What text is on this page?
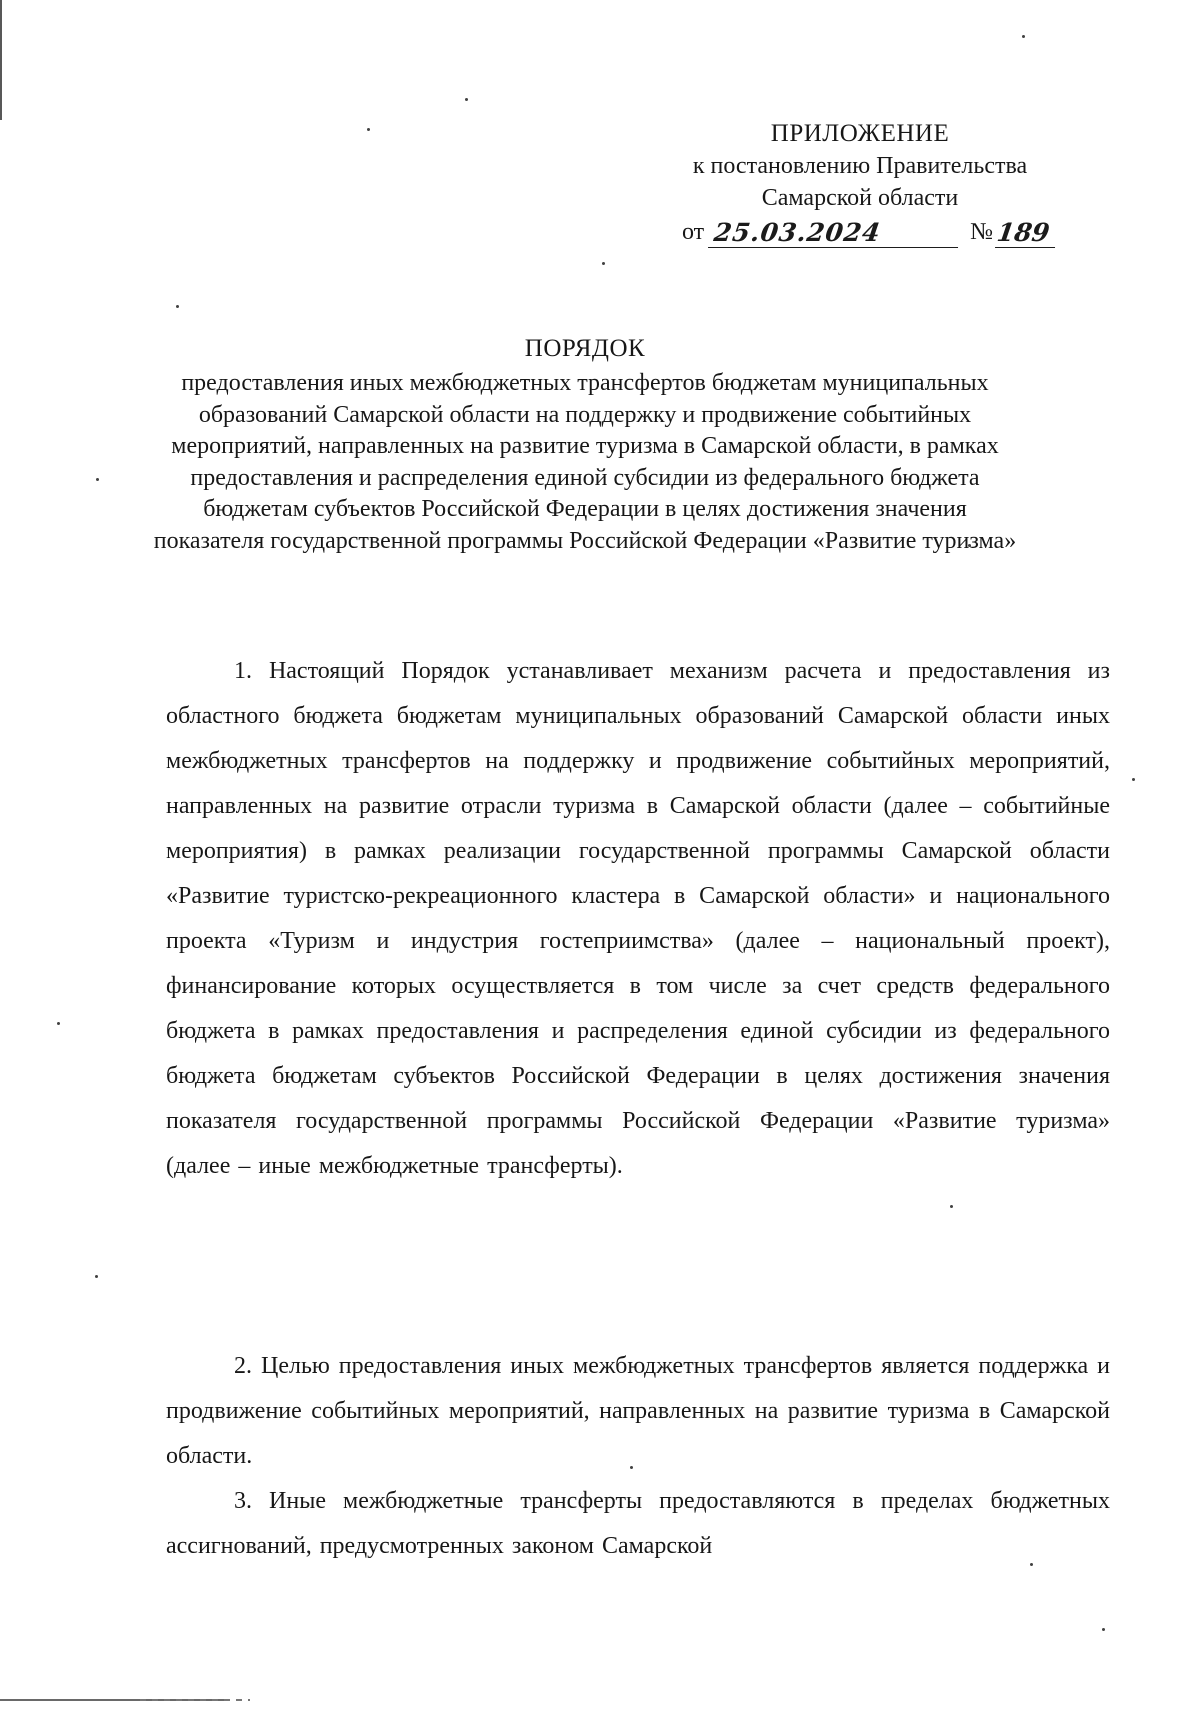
ПРИЛОЖЕНИЕ
к постановлению Правительства
Самарской области
от 25.03.2024	№ 189
ПОРЯДОК
предоставления иных межбюджетных трансфертов бюджетам муниципальных образований Самарской области на поддержку и продвижение событийных мероприятий, направленных на развитие туризма в Самарской области, в рамках предоставления и распределения единой субсидии из федерального бюджета бюджетам субъектов Российской Федерации в целях достижения значения показателя государственной программы Российской Федерации «Развитие туризма»

1. Настоящий Порядок устанавливает механизм расчета и предоставления из областного бюджета бюджетам муниципальных образований Самарской области иных межбюджетных трансфертов на поддержку и продвижение событийных мероприятий, направленных на развитие отрасли туризма в Самарской области (далее – событийные мероприятия) в рамках реализации государственной программы Самарской области «Развитие туристско-рекреационного кластера в Самарской области» и национального проекта «Туризм и индустрия гостеприимства» (далее – национальный проект), финансирование которых осуществляется в том числе за счет средств федерального бюджета в рамках предоставления и распределения единой субсидии из федерального бюджета бюджетам субъектов Российской Федерации в целях достижения значения показателя государственной программы Российской Федерации «Развитие туризма» (далее – иные межбюджетные трансферты).

2. Целью предоставления иных межбюджетных трансфертов является поддержка и продвижение событийных мероприятий, направленных на развитие туризма в Самарской области.

3. Иные межбюджетные трансферты предоставляются в пределах бюджетных ассигнований, предусмотренных законом Самарской
